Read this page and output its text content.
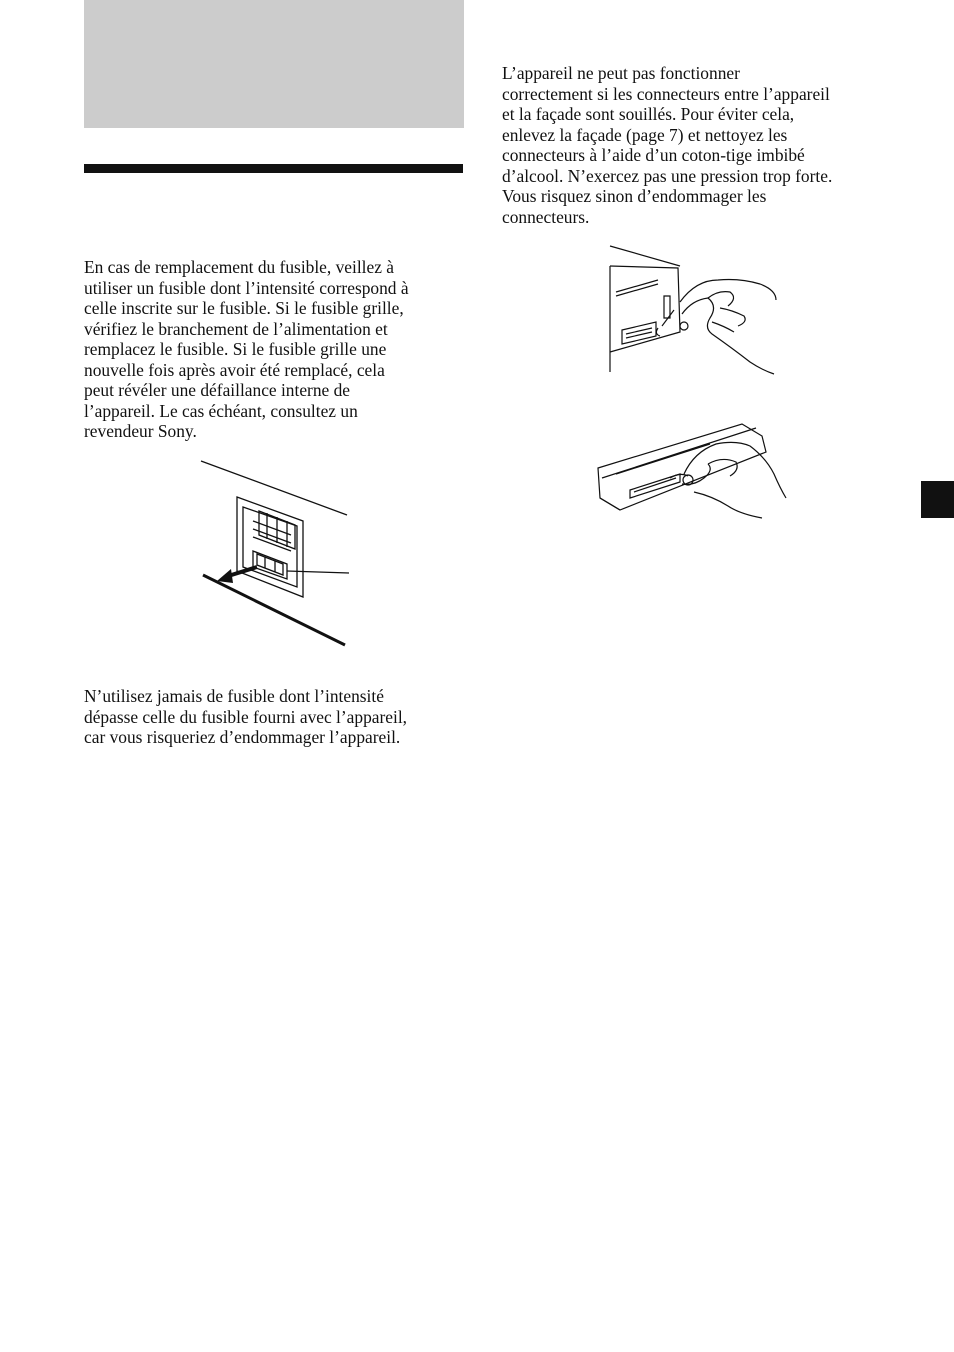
En cas de remplacement du fusible, veillez à
utiliser un fusible dont l’intensité correspond à
celle inscrite sur le fusible. Si le fusible grille,
vérifiez le branchement de l’alimentation et
remplacez le fusible. Si le fusible grille une
nouvelle fois après avoir été remplacé, cela
peut révéler une défaillance interne de
l’appareil. Le cas échéant, consultez un
revendeur Sony.

N’utilisez jamais de fusible dont l’intensité
dépasse celle du fusible fourni avec l’appareil,
car vous risqueriez d’endommager l’appareil.

L’appareil ne peut pas fonctionner
correctement si les connecteurs entre l’appareil
et la façade sont souillés. Pour éviter cela,
enlevez la façade (page 7) et nettoyez les
connecteurs à l’aide d’un coton-tige imbibé
d’alcool. N’exercez pas une pression trop forte.
Vous risquez sinon d’endommager les
connecteurs.
